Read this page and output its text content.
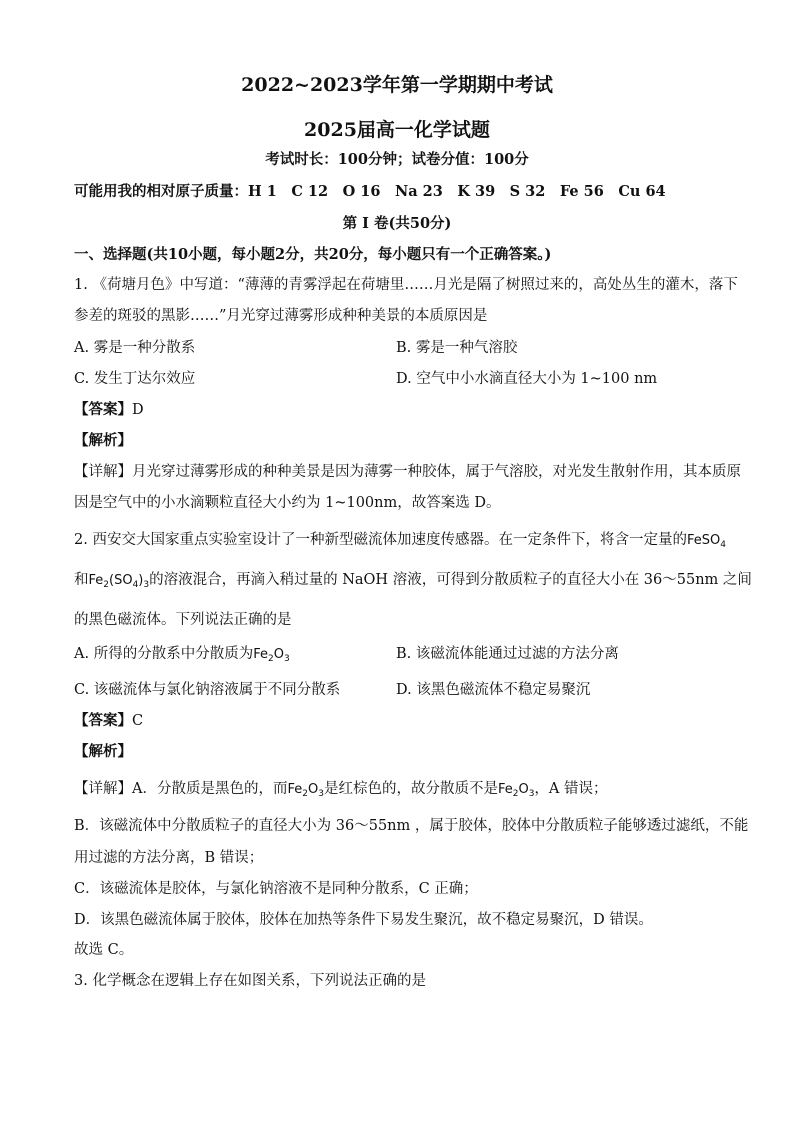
2022~2023学年第一学期期中考试
2025届高一化学试题
考试时长：100分钟；试卷分值：100分
可能用我的相对原子质量：H 1　C 12　O 16　Na 23　K 39　S 32　Fe 56　Cu 64
第 I 卷(共50分)
一、选择题(共10小题，每小题2分，共20分，每小题只有一个正确答案。)
1. 《荷塘月色》中写道：“薄薄的青雾浮起在荷塘里……月光是隔了树照过来的，高处丛生的灌木，落下
参差的斑驳的黑影……”月光穿过薄雾形成种种美景的本质原因是
A. 雾是一种分散系	B. 雾是一种气溶胶
C. 发生丁达尔效应	D. 空气中小水滴直径大小为 1~100 nm
【答案】D
【解析】
【详解】月光穿过薄雾形成的种种美景是因为薄雾一种胶体，属于气溶胶，对光发生散射作用，其本质原
因是空气中的小水滴颗粒直径大小约为 1~100nm，故答案选 D。
2. 西安交大国家重点实验室设计了一种新型磁流体加速度传感器。在一定条件下，将含一定量的FeSO$_4$
和$Fe_2(SO_4)_3$的溶液混合，再滴入稍过量的 NaOH 溶液，可得到分散质粒子的直径大小在 36～55nm 之间
的黑色磁流体。下列说法正确的是
A. 所得的分散系中分散质为$Fe_2O_3$	B. 该磁流体能通过过滤的方法分离
C. 该磁流体与氯化钠溶液属于不同分散系	D. 该黑色磁流体不稳定易聚沉
【答案】C
【解析】
【详解】A．分散质是黑色的，而$Fe_2O_3$是红棕色的，故分散质不是$Fe_2O_3$，A 错误；
B．该磁流体中分散质粒子的直径大小为 36～55nm ，属于胶体，胶体中分散质粒子能够透过滤纸，不能
用过滤的方法分离，B 错误；
C．该磁流体是胶体，与氯化钠溶液不是同种分散系，C 正确；
D．该黑色磁流体属于胶体，胶体在加热等条件下易发生聚沉，故不稳定易聚沉，D 错误。
故选 C。
3. 化学概念在逻辑上存在如图关系，下列说法正确的是
